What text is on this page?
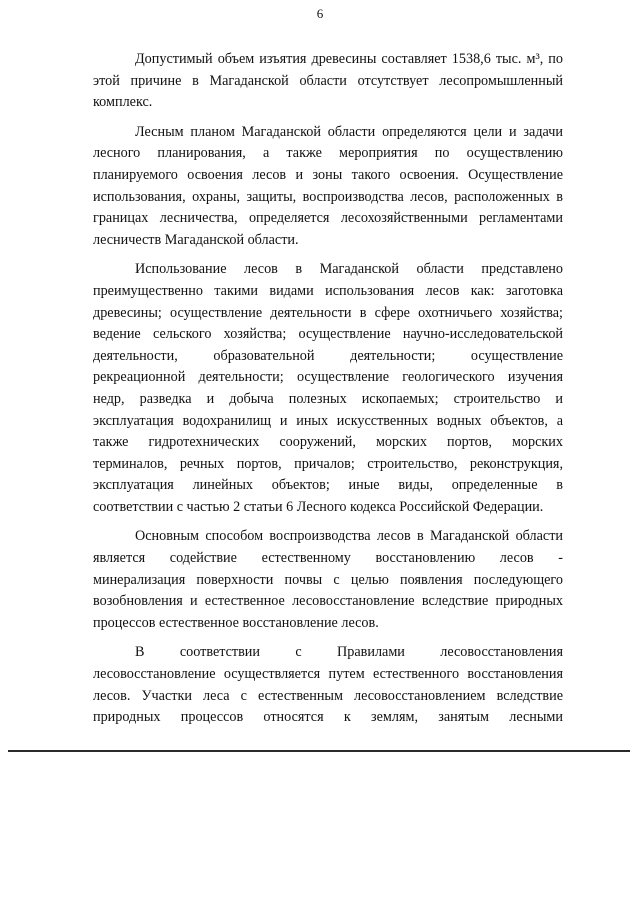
6
Допустимый объем изъятия древесины составляет 1538,6 тыс. м³, по
этой причине в Магаданской области отсутствует лесопромышленный
комплекс.
Лесным планом Магаданской области определяются цели и задачи
лесного планирования, а также мероприятия по осуществлению
планируемого освоения лесов и зоны такого освоения. Осуществление
использования, охраны, защиты, воспроизводства лесов, расположенных в
границах лесничества, определяется лесохозяйственными регламентами
лесничеств Магаданской области.
Использование лесов в Магаданской области представлено
преимущественно такими видами использования лесов как: заготовка
древесины; осуществление деятельности в сфере охотничьего хозяйства;
ведение сельского хозяйства; осуществление научно-исследовательской
деятельности, образовательной деятельности; осуществление
рекреационной деятельности; осуществление геологического изучения
недр, разведка и добыча полезных ископаемых; строительство и
эксплуатация водохранилищ и иных искусственных водных объектов, а
также гидротехнических сооружений, морских портов, морских
терминалов, речных портов, причалов; строительство, реконструкция,
эксплуатация линейных объектов; иные виды, определенные в
соответствии с частью 2 статьи 6 Лесного кодекса Российской Федерации.
Основным способом воспроизводства лесов в Магаданской области
является содействие естественному восстановлению лесов -
минерализация поверхности почвы с целью появления последующего
возобновления и естественное лесовосстановление вследствие природных
процессов естественное восстановление лесов.
В соответствии с Правилами лесовосстановления
лесовосстановление осуществляется путем естественного восстановления
лесов. Участки леса с естественным лесовосстановлением вследствие
природных процессов относятся к землям, занятым лесными
